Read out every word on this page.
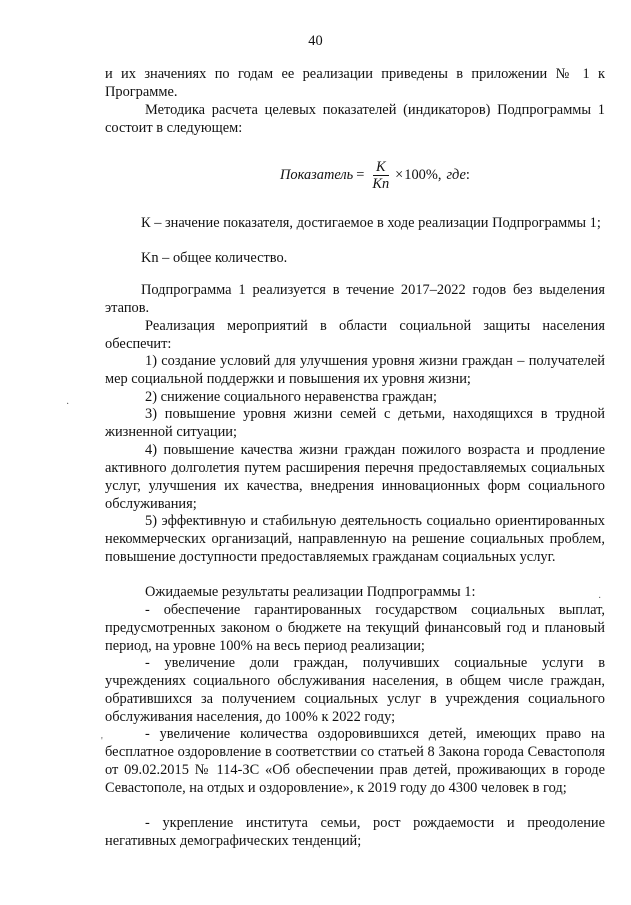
40

и их значениях по годам ее реализации приведены в приложении № 1 к Программе.

Методика расчета целевых показателей (индикаторов) Подпрограммы 1 состоит в следующем:

Показатель = $\frac{K}{Kn} \times 100\%$, где :

К – значение показателя, достигаемое в ходе реализации Подпрограммы 1;

Kn – общее количество.

Подпрограмма 1 реализуется в течение 2017–2022 годов без выделения этапов.

Реализация мероприятий в области социальной защиты населения обеспечит:

1) создание условий для улучшения уровня жизни граждан – получателей мер социальной поддержки и повышения их уровня жизни;

2) снижение социального неравенства граждан;

3) повышение уровня жизни семей с детьми, находящихся в трудной жизненной ситуации;

4) повышение качества жизни граждан пожилого возраста и продление активного долголетия путем расширения перечня предоставляемых социальных услуг, улучшения их качества, внедрения инновационных форм социального обслуживания;

5) эффективную и стабильную деятельность социально ориентированных некоммерческих организаций, направленную на решение социальных проблем, повышение доступности предоставляемых гражданам социальных услуг.

Ожидаемые результаты реализации Подпрограммы 1:

- обеспечение гарантированных государством социальных выплат, предусмотренных законом о бюджете на текущий финансовый год и плановый период, на уровне 100% на весь период реализации;

- увеличение доли граждан, получивших социальные услуги в учреждениях социального обслуживания населения, в общем числе граждан, обратившихся за получением социальных услуг в учреждения социального обслуживания населения, до 100% к 2022 году;

- увеличение количества оздоровившихся детей, имеющих право на бесплатное оздоровление в соответствии со статьей 8 Закона города Севастополя от 09.02.2015 № 114-ЗС «Об обеспечении прав детей, проживающих в городе Севастополе, на отдых и оздоровление», к 2019 году до 4300 человек в год;

- укрепление института семьи, рост рождаемости и преодоление негативных демографических тенденций;

·
'
·
